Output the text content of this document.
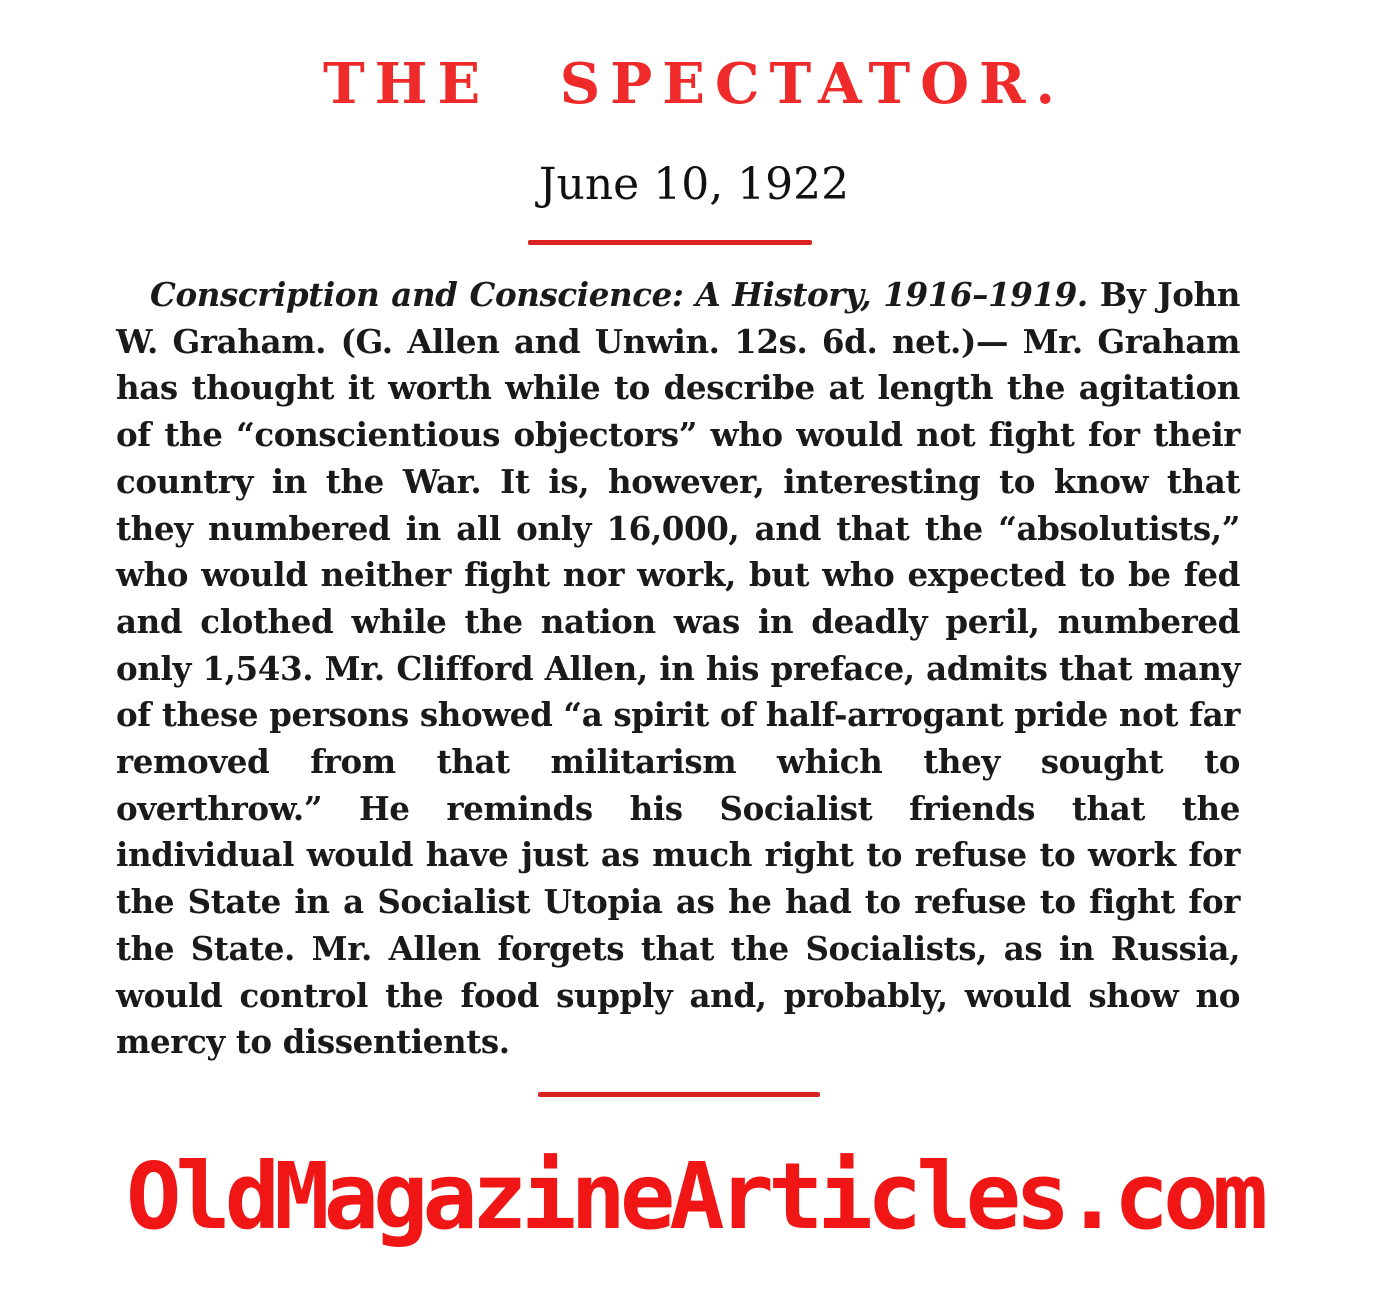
THE SPECTATOR.
June 10, 1922

Conscription and Conscience: A History, 1916–1919. By John W. Graham. (G. Allen and Unwin. 12s. 6d. net.)— Mr. Graham has thought it worth while to describe at length the agitation of the “conscientious objectors” who would not fight for their country in the War. It is, however, interesting to know that they numbered in all only 16,000, and that the “absolutists,” who would neither fight nor work, but who expected to be fed and clothed while the nation was in deadly peril, numbered only 1,543. Mr. Clifford Allen, in his preface, admits that many of these persons showed “a spirit of half-arrogant pride not far removed from that militarism which they sought to overthrow.” He reminds his Socialist friends that the individual would have just as much right to refuse to work for the State in a Socialist Utopia as he had to refuse to fight for the State. Mr. Allen forgets that the Socialists, as in Russia, would control the food supply and, probably, would show no mercy to dissentients.

OldMagazineArticles.com
